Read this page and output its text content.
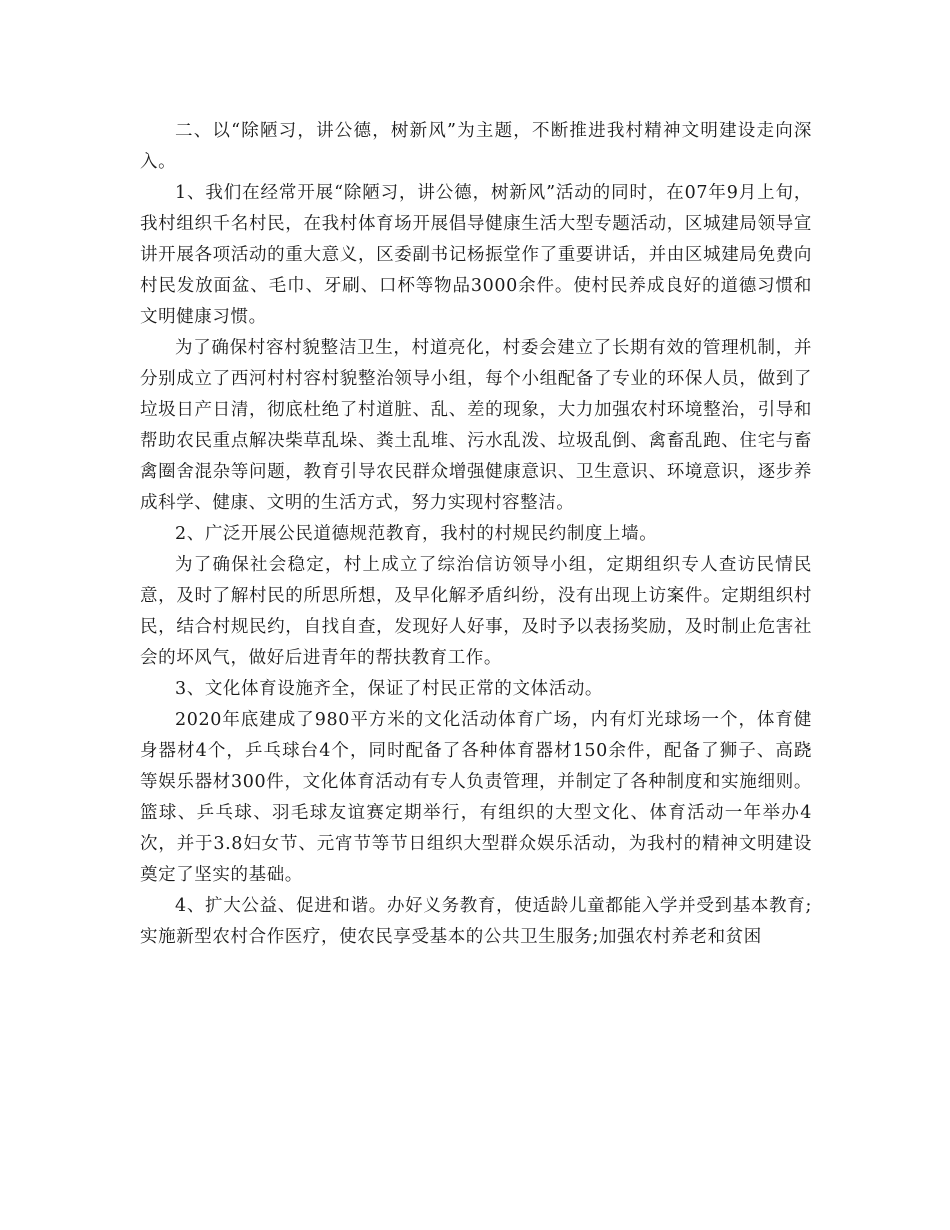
二、以“除陋习，讲公德，树新风”为主题，不断推进我村精神文明建设走向深入。

1、我们在经常开展“除陋习，讲公德，树新风”活动的同时，在07年9月上旬，我村组织千名村民，在我村体育场开展倡导健康生活大型专题活动，区城建局领导宣讲开展各项活动的重大意义，区委副书记杨振堂作了重要讲话，并由区城建局免费向村民发放面盆、毛巾、牙刷、口杯等物品3000余件。使村民养成良好的道德习惯和文明健康习惯。

为了确保村容村貌整洁卫生，村道亮化，村委会建立了长期有效的管理机制，并分别成立了西河村村容村貌整治领导小组，每个小组配备了专业的环保人员，做到了垃圾日产日清，彻底杜绝了村道脏、乱、差的现象，大力加强农村环境整治，引导和帮助农民重点解决柴草乱垛、粪土乱堆、污水乱泼、垃圾乱倒、禽畜乱跑、住宅与畜禽圈舍混杂等问题，教育引导农民群众增强健康意识、卫生意识、环境意识，逐步养成科学、健康、文明的生活方式，努力实现村容整洁。

2、广泛开展公民道德规范教育，我村的村规民约制度上墙。

为了确保社会稳定，村上成立了综治信访领导小组，定期组织专人查访民情民意，及时了解村民的所思所想，及早化解矛盾纠纷，没有出现上访案件。定期组织村民，结合村规民约，自找自查，发现好人好事，及时予以表扬奖励，及时制止危害社会的坏风气，做好后进青年的帮扶教育工作。

3、文化体育设施齐全，保证了村民正常的文体活动。

2020年底建成了980平方米的文化活动体育广场，内有灯光球场一个，体育健身器材4个，乒乓球台4个，同时配备了各种体育器材150余件，配备了狮子、高跷等娱乐器材300件，文化体育活动有专人负责管理，并制定了各种制度和实施细则。篮球、乒乓球、羽毛球友谊赛定期举行，有组织的大型文化、体育活动一年举办4次，并于3.8妇女节、元宵节等节日组织大型群众娱乐活动，为我村的精神文明建设奠定了坚实的基础。

4、扩大公益、促进和谐。办好义务教育，使适龄儿童都能入学并受到基本教育;实施新型农村合作医疗，使农民享受基本的公共卫生服务;加强农村养老和贫困
